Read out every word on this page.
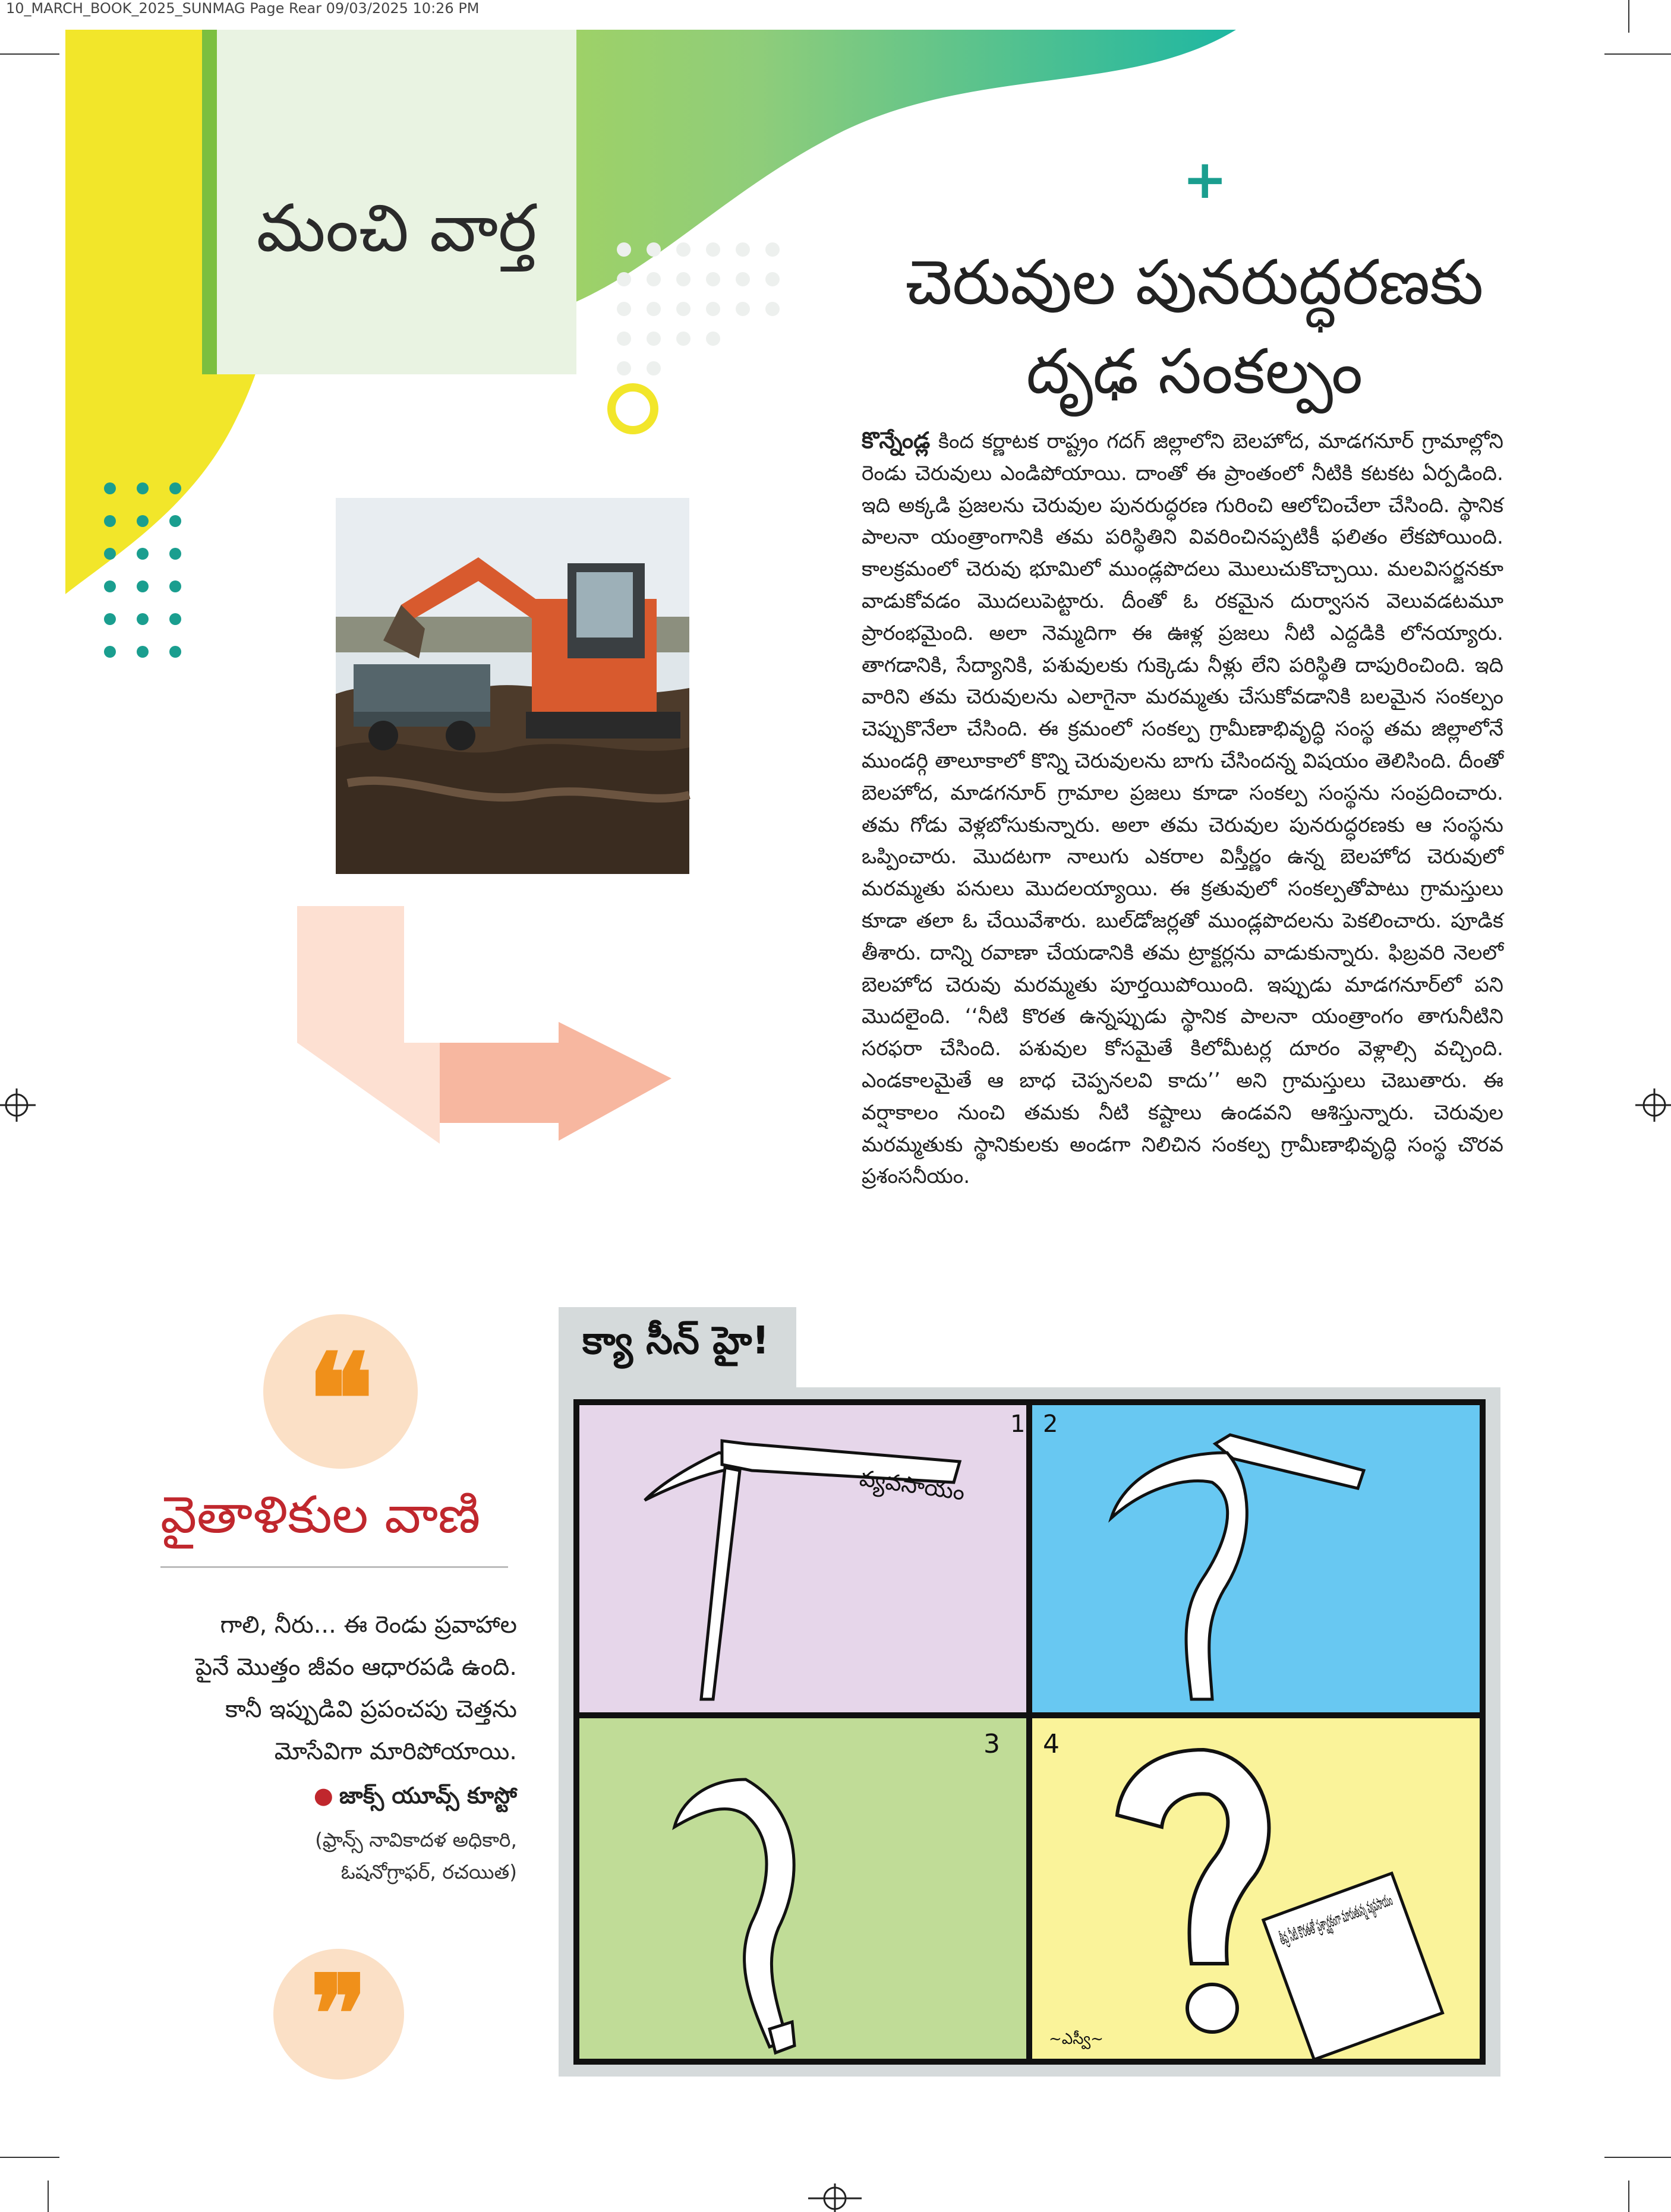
10_MARCH_BOOK_2025_SUNMAG Page Rear 09/03/2025 10:26 PM
మంచి వార్త
+
చెరువుల పునరుద్ధరణకు
దృఢ సంకల్పం

కొన్నేండ్ల కింద కర్ణాటక రాష్ట్రం గదగ్ జిల్లాలోని బెలహోద, మాడగనూర్ గ్రామాల్లోని రెండు చెరువులు ఎండిపోయాయి. దాంతో ఈ ప్రాంతంలో నీటికి కటకట ఏర్పడింది. ఇది అక్కడి ప్రజలను చెరువుల పునరుద్ధరణ గురించి ఆలోచించేలా చేసింది. స్థానిక పాలనా యంత్రాంగానికి తమ పరిస్థితిని వివరించినప్పటికీ ఫలితం లేకపోయింది. కాలక్రమంలో చెరువు భూమిలో ముండ్లపొదలు మొలుచుకొచ్చాయి. మలవిసర్జనకూ వాడుకోవడం మొదలుపెట్టారు. దీంతో ఓ రకమైన దుర్వాసన వెలువడటమూ ప్రారంభమైంది. అలా నెమ్మదిగా ఈ ఊళ్ల ప్రజలు నీటి ఎద్దడికి లోనయ్యారు. తాగడానికి, సేద్యానికి, పశువులకు గుక్కెడు నీళ్లు లేని పరిస్థితి దాపురించింది. ఇది వారిని తమ చెరువులను ఎలాగైనా మరమ్మతు చేసుకోవడానికి బలమైన సంకల్పం చెప్పుకొనేలా చేసింది. ఈ క్రమంలో సంకల్ప గ్రామీణాభివృద్ధి సంస్థ తమ జిల్లాలోనే ముండర్గి తాలూకాలో కొన్ని చెరువులను బాగు చేసిందన్న విషయం తెలిసింది. దీంతో బెలహోద, మాడగనూర్ గ్రామాల ప్రజలు కూడా సంకల్ప సంస్థను సంప్రదించారు. తమ గోడు వెళ్లబోసుకున్నారు. అలా తమ చెరువుల పునరుద్ధరణకు ఆ సంస్థను ఒప్పించారు. మొదటగా నాలుగు ఎకరాల విస్తీర్ణం ఉన్న బెలహోద చెరువులో మరమ్మతు పనులు మొదలయ్యాయి. ఈ క్రతువులో సంకల్పతోపాటు గ్రామస్తులు కూడా తలా ఓ చేయివేశారు. బుల్‌డోజర్లతో ముండ్లపొదలను పెకలించారు. పూడిక తీశారు. దాన్ని రవాణా చేయడానికి తమ ట్రాక్టర్లను వాడుకున్నారు. ఫిబ్రవరి నెలలో బెలహోద చెరువు మరమ్మతు పూర్తయిపోయింది. ఇప్పుడు మాడగనూర్‌లో పని మొదలైంది. ‘‘నీటి కొరత ఉన్నప్పుడు స్థానిక పాలనా యంత్రాంగం తాగునీటిని సరఫరా చేసింది. పశువుల కోసమైతే కిలోమీటర్ల దూరం వెళ్లాల్సి వచ్చింది. ఎండకాలమైతే ఆ బాధ చెప్పనలవి కాదు’’ అని గ్రామస్తులు చెబుతారు. ఈ వర్షాకాలం నుంచి తమకు నీటి కష్టాలు ఉండవని ఆశిస్తున్నారు. చెరువుల మరమ్మతుకు స్థానికులకు అండగా నిలిచిన సంకల్ప గ్రామీణాభివృద్ధి సంస్థ చొరవ ప్రశంసనీయం.

❝
వైతాళికుల వాణి
గాలి, నీరు... ఈ రెండు ప్రవాహాల
పైనే మొత్తం జీవం ఆధారపడి ఉంది.
కానీ ఇప్పుడివి ప్రపంచపు చెత్తను
మోసేవిగా మారిపోయాయి.
● జాక్స్ యూవ్స్ కూస్టో
(ఫ్రాన్స్ నావికాదళ అధికారి,
ఓషనోగ్రాఫర్, రచయిత)
❞
క్యా సీన్ హై!
1
వ్యవసాయం
2
3 4
~ఎస్వీ~
